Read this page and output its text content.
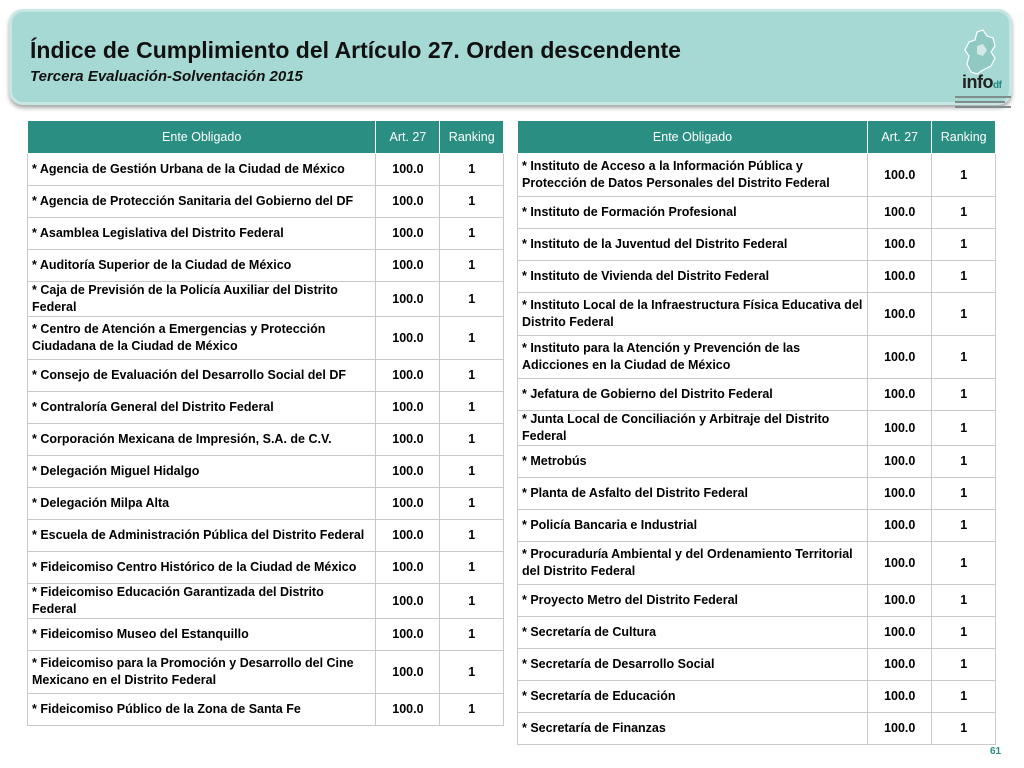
Índice de Cumplimiento del Artículo 27. Orden descendente
Tercera Evaluación-Solventación 2015	infodf
Ente Obligado	Art. 27	Ranking
* Agencia de Gestión Urbana de la Ciudad de México	100.0	1
* Agencia de Protección Sanitaria del Gobierno del DF	100.0	1
* Asamblea Legislativa del Distrito Federal	100.0	1
* Auditoría Superior de la Ciudad de México	100.0	1
* Caja de Previsión de la Policía Auxiliar del Distrito Federal	100.0	1
* Centro de Atención a Emergencias y Protección Ciudadana de la Ciudad de México	100.0	1
* Consejo de Evaluación del Desarrollo Social del DF	100.0	1
* Contraloría General del Distrito Federal	100.0	1
* Corporación Mexicana de Impresión, S.A. de C.V.	100.0	1
* Delegación Miguel Hidalgo	100.0	1
* Delegación Milpa Alta	100.0	1
* Escuela de Administración Pública del Distrito Federal	100.0	1
* Fideicomiso Centro Histórico de la Ciudad de México	100.0	1
* Fideicomiso Educación Garantizada del Distrito Federal	100.0	1
* Fideicomiso Museo del Estanquillo	100.0	1
* Fideicomiso para la Promoción y Desarrollo del Cine Mexicano en el Distrito Federal	100.0	1
* Fideicomiso Público de la Zona de Santa Fe	100.0	1
Ente Obligado	Art. 27	Ranking
* Instituto de Acceso a la Información Pública y Protección de Datos Personales del Distrito Federal	100.0	1
* Instituto de Formación Profesional	100.0	1
* Instituto de la Juventud del Distrito Federal	100.0	1
* Instituto de Vivienda del Distrito Federal	100.0	1
* Instituto Local de la Infraestructura Física Educativa del Distrito Federal	100.0	1
* Instituto para la Atención y Prevención de las Adicciones en la Ciudad de México	100.0	1
* Jefatura de Gobierno del Distrito Federal	100.0	1
* Junta Local de Conciliación y Arbitraje del Distrito Federal	100.0	1
* Metrobús	100.0	1
* Planta de Asfalto del Distrito Federal	100.0	1
* Policía Bancaria e Industrial	100.0	1
* Procuraduría Ambiental y del Ordenamiento Territorial del Distrito Federal	100.0	1
* Proyecto Metro del Distrito Federal	100.0	1
* Secretaría de Cultura	100.0	1
* Secretaría de Desarrollo Social	100.0	1
* Secretaría de Educación	100.0	1
* Secretaría de Finanzas	100.0	1
61
